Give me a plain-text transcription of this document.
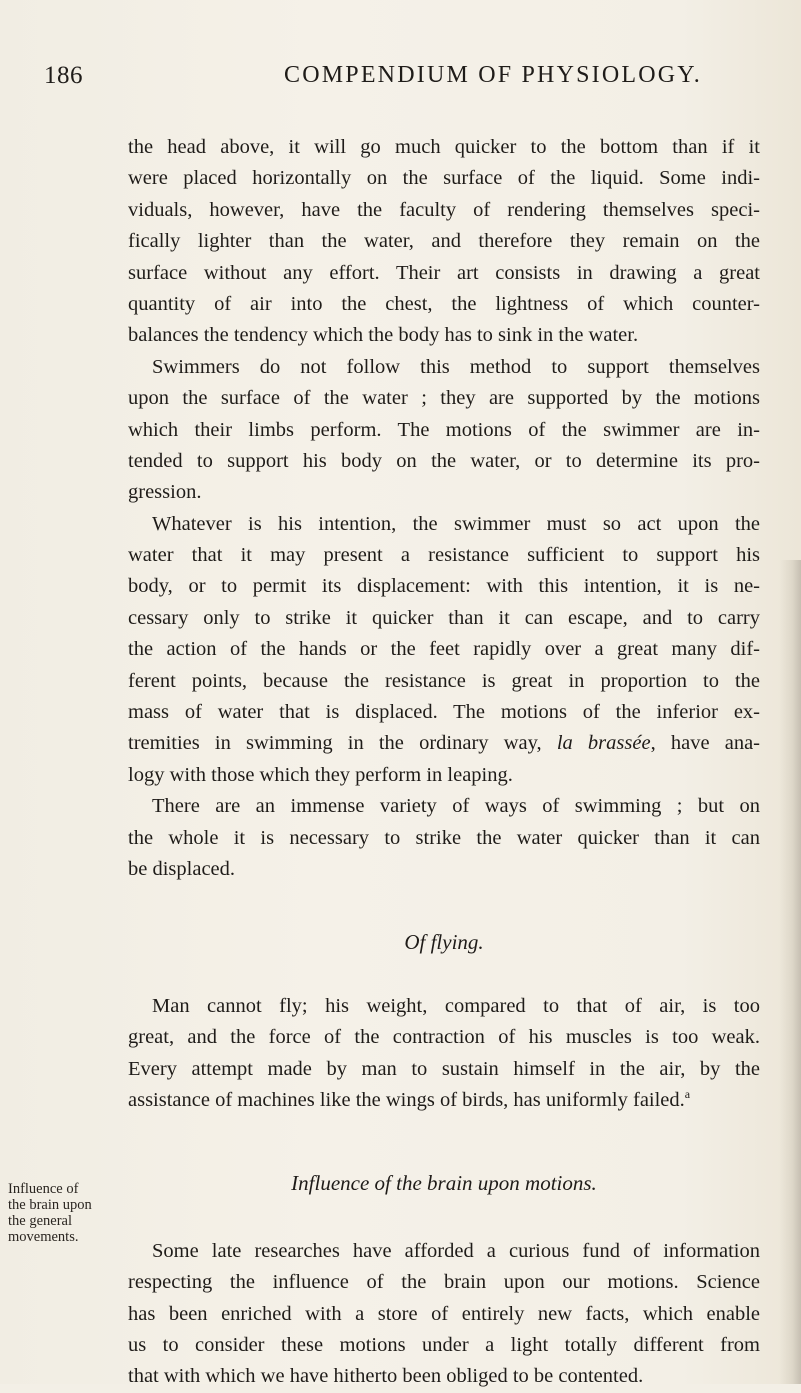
186	COMPENDIUM OF PHYSIOLOGY.
Influence of
the brain upon
the general
movements.
the head above, it will go much quicker to the bottom than if it
were placed horizontally on the surface of the liquid. Some indi-
viduals, however, have the faculty of rendering themselves speci-
fically lighter than the water, and therefore they remain on the
surface without any effort. Their art consists in drawing a great
quantity of air into the chest, the lightness of which counter-
balances the tendency which the body has to sink in the water.
Swimmers do not follow this method to support themselves
upon the surface of the water ; they are supported by the motions
which their limbs perform. The motions of the swimmer are in-
tended to support his body on the water, or to determine its pro-
gression.
Whatever is his intention, the swimmer must so act upon the
water that it may present a resistance sufficient to support his
body, or to permit its displacement: with this intention, it is ne-
cessary only to strike it quicker than it can escape, and to carry
the action of the hands or the feet rapidly over a great many dif-
ferent points, because the resistance is great in proportion to the
mass of water that is displaced. The motions of the inferior ex-
tremities in swimming in the ordinary way, la brassée, have ana-
logy with those which they perform in leaping.
There are an immense variety of ways of swimming ; but on
the whole it is necessary to strike the water quicker than it can
be displaced.
Of flying.
Man cannot fly; his weight, compared to that of air, is too
great, and the force of the contraction of his muscles is too weak.
Every attempt made by man to sustain himself in the air, by the
assistance of machines like the wings of birds, has uniformly failed.$^a$
Influence of the brain upon motions.
Some late researches have afforded a curious fund of information
respecting the influence of the brain upon our motions. Science
has been enriched with a store of entirely new facts, which enable
us to consider these motions under a light totally different from
that with which we have hitherto been obliged to be contented.
